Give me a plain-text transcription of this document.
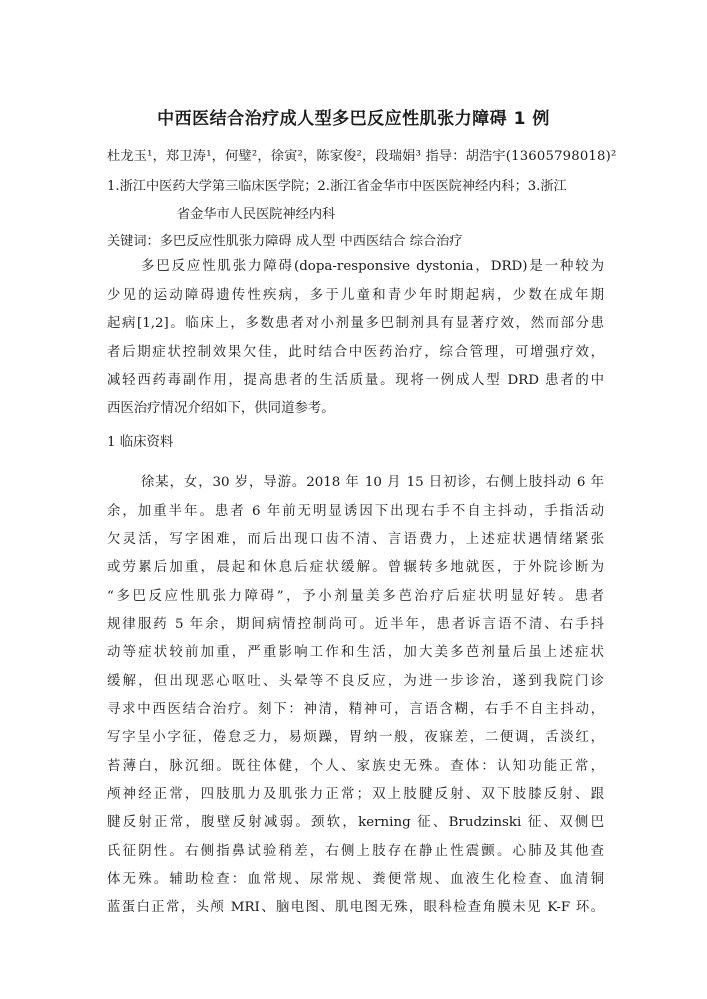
中西医结合治疗成人型多巴反应性肌张力障碍 1 例
杜龙玉¹，郑卫涛¹，何璧²，徐寅²，陈家俊²，段瑞娟³ 指导：胡浩宇(13605798018)²
1.浙江中医药大学第三临床医学院；2.浙江省金华市中医医院神经内科；3.浙江
省金华市人民医院神经内科
关键词：多巴反应性肌张力障碍 成人型 中西医结合 综合治疗
多巴反应性肌张力障碍(dopa-responsive dystonia，DRD)是一种较为
少见的运动障碍遗传性疾病，多于儿童和青少年时期起病，少数在成年期
起病[1,2]。临床上，多数患者对小剂量多巴制剂具有显著疗效，然而部分患
者后期症状控制效果欠佳，此时结合中医药治疗，综合管理，可增强疗效，
减轻西药毒副作用，提高患者的生活质量。现将一例成人型 DRD 患者的中
西医治疗情况介绍如下，供同道参考。
1 临床资料
徐某，女，30 岁，导游。2018 年 10 月 15 日初诊，右侧上肢抖动 6 年
余，加重半年。患者 6 年前无明显诱因下出现右手不自主抖动，手指活动
欠灵活，写字困难，而后出现口齿不清、言语费力，上述症状遇情绪紧张
或劳累后加重，晨起和休息后症状缓解。曾辗转多地就医，于外院诊断为
“多巴反应性肌张力障碍”，予小剂量美多芭治疗后症状明显好转。患者
规律服药 5 年余，期间病情控制尚可。近半年，患者诉言语不清、右手抖
动等症状较前加重，严重影响工作和生活，加大美多芭剂量后虽上述症状
缓解，但出现恶心呕吐、头晕等不良反应，为进一步诊治，遂到我院门诊
寻求中西医结合治疗。刻下：神清，精神可，言语含糊，右手不自主抖动，
写字呈小字征，倦怠乏力，易烦躁，胃纳一般，夜寐差，二便调，舌淡红，
苔薄白，脉沉细。既往体健，个人、家族史无殊。查体：认知功能正常，
颅神经正常，四肢肌力及肌张力正常；双上肢腱反射、双下肢膝反射、跟
腱反射正常，腹壁反射减弱。颈软，kerning 征、Brudzinski 征、双侧巴
氏征阴性。右侧指鼻试验稍差，右侧上肢存在静止性震颤。心肺及其他查
体无殊。辅助检查：血常规、尿常规、粪便常规、血液生化检查、血清铜
蓝蛋白正常，头颅 MRI、脑电图、肌电图无殊，眼科检查角膜未见 K-F 环。
